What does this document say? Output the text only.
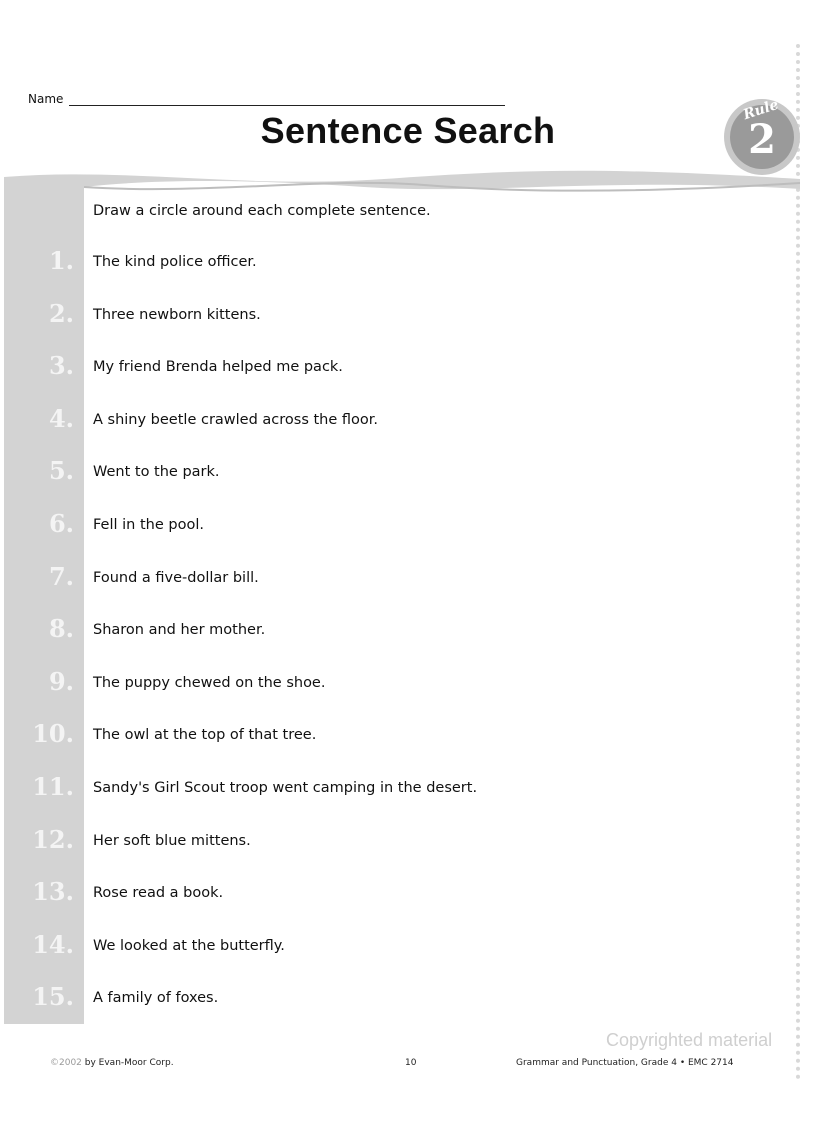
Name
Sentence Search	Rule
2
Draw a circle around each complete sentence.
1. The kind police officer.
2. Three newborn kittens.
3. My friend Brenda helped me pack.
4. A shiny beetle crawled across the floor.
5. Went to the park.
6. Fell in the pool.
7. Found a five-dollar bill.
8. Sharon and her mother.
9. The puppy chewed on the shoe.
10. The owl at the top of that tree.
11. Sandy's Girl Scout troop went camping in the desert.
12. Her soft blue mittens.
13. Rose read a book.
14. We looked at the butterfly.
15. A family of foxes.
Copyrighted material
©2002 by Evan-Moor Corp.	10	Grammar and Punctuation, Grade 4 • EMC 2714
